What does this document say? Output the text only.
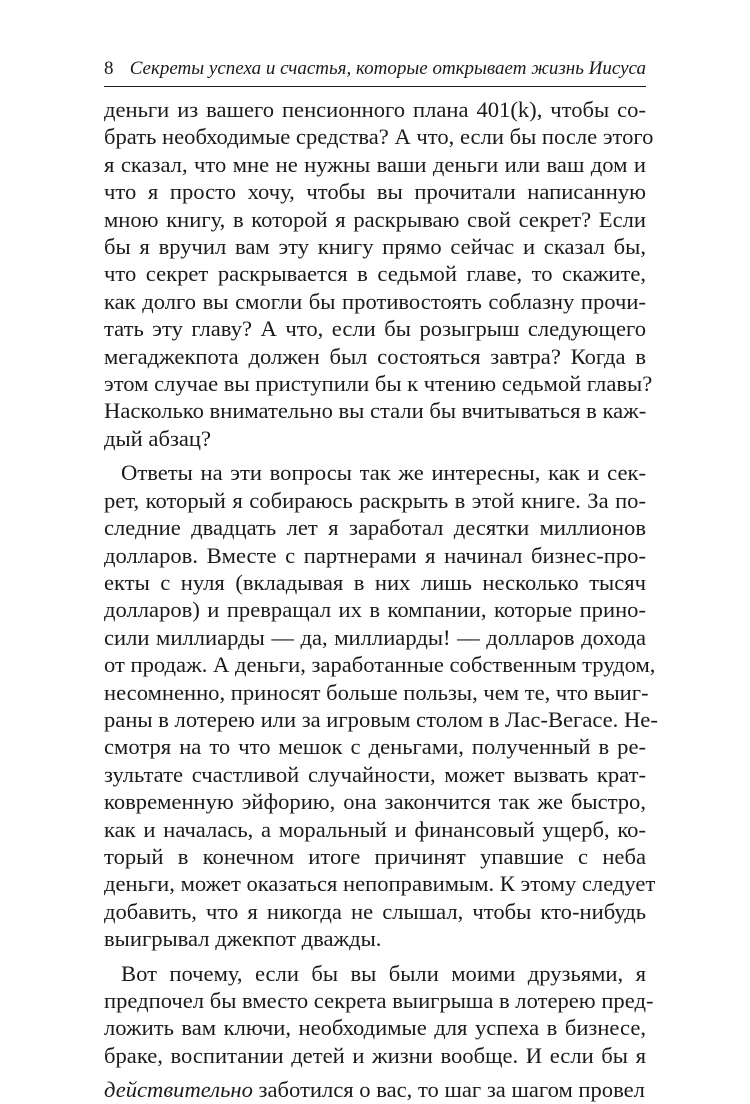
8 Секреты успеха и счастья, которые открывает жизнь Иисуса
деньги из вашего пенсионного плана 401(k), чтобы со-
брать необходимые средства? А что, если бы после этого
я сказал, что мне не нужны ваши деньги или ваш дом и
что я просто хочу, чтобы вы прочитали написанную
мною книгу, в которой я раскрываю свой секрет? Если
бы я вручил вам эту книгу прямо сейчас и сказал бы,
что секрет раскрывается в седьмой главе, то скажите,
как долго вы смогли бы противостоять соблазну прочи-
тать эту главу? А что, если бы розыгрыш следующего
мегаджекпота должен был состояться завтра? Когда в
этом случае вы приступили бы к чтению седьмой главы?
Насколько внимательно вы стали бы вчитываться в каж-
дый абзац?
Ответы на эти вопросы так же интересны, как и сек-
рет, который я собираюсь раскрыть в этой книге. За по-
следние двадцать лет я заработал десятки миллионов
долларов. Вместе с партнерами я начинал бизнес-про-
екты с нуля (вкладывая в них лишь несколько тысяч
долларов) и превращал их в компании, которые прино-
сили миллиарды — да, миллиарды! — долларов дохода
от продаж. А деньги, заработанные собственным трудом,
несомненно, приносят больше пользы, чем те, что выиг-
раны в лотерею или за игровым столом в Лас-Вегасе. Не-
смотря на то что мешок с деньгами, полученный в ре-
зультате счастливой случайности, может вызвать крат-
ковременную эйфорию, она закончится так же быстро,
как и началась, а моральный и финансовый ущерб, ко-
торый в конечном итоге причинят упавшие с неба
деньги, может оказаться непоправимым. К этому следует
добавить, что я никогда не слышал, чтобы кто-нибудь
выигрывал джекпот дважды.
Вот почему, если бы вы были моими друзьями, я
предпочел бы вместо секрета выигрыша в лотерею пред-
ложить вам ключи, необходимые для успеха в бизнесе,
браке, воспитании детей и жизни вообще. И если бы я
действительно заботился о вас, то шаг за шагом провел
